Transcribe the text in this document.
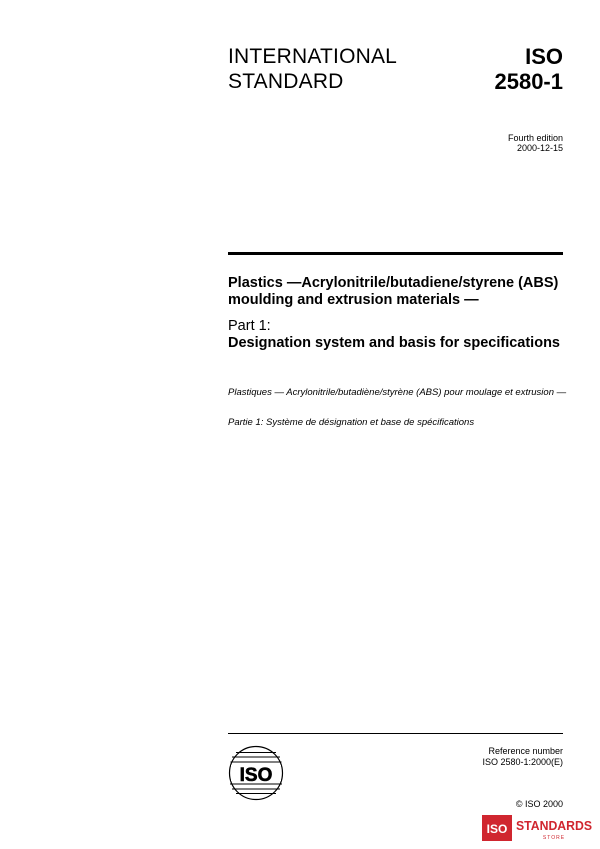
INTERNATIONAL
STANDARD
ISO
2580-1
Fourth edition
2000-12-15
Plastics —Acrylonitrile/butadiene/styrene (ABS) moulding and extrusion materials —
Part 1:
Designation system and basis for specifications
Plastiques — Acrylonitrile/butadiène/styrène (ABS) pour moulage et extrusion —
Partie 1: Système de désignation et base de spécifications
ISO
Reference number
ISO 2580-1:2000(E)
© ISO 2000
ISO STANDARDS
STORE
